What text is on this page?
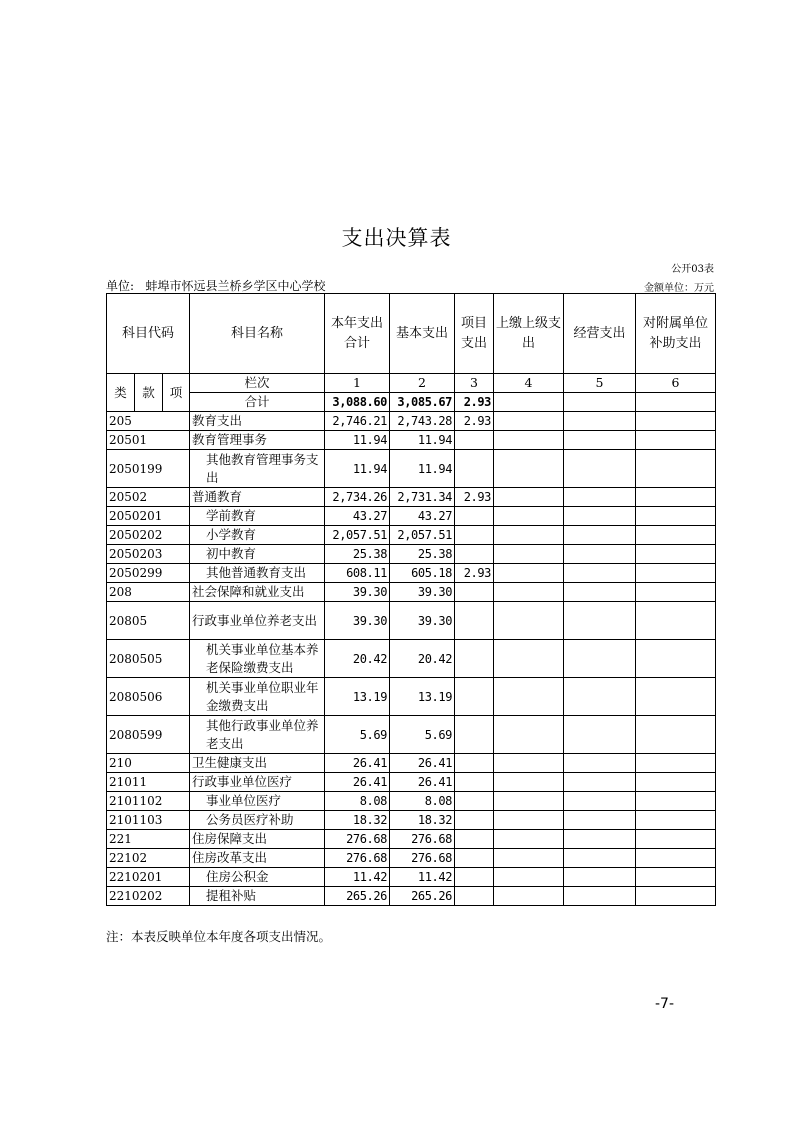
支出决算表
公开03表
单位: 蚌埠市怀远县兰桥乡学区中心学校	金额单位：万元
科目代码			科目名称	本年支出合计	基本支出	项目支出	上缴上级支出	经营支出	对附属单位补助支出
类	款	项	栏次	1	2	3	4	5	6
			合计	3,088.60	3,085.67	2.93			
205			教育支出	2,746.21	2,743.28	2.93			
20501			教育管理事务	11.94	11.94				
2050199			其他教育管理事务支出	11.94	11.94				
20502			普通教育	2,734.26	2,731.34	2.93			
2050201			学前教育	43.27	43.27				
2050202			小学教育	2,057.51	2,057.51				
2050203			初中教育	25.38	25.38				
2050299			其他普通教育支出	608.11	605.18	2.93			
208			社会保障和就业支出	39.30	39.30				
20805			行政事业单位养老支出	39.30	39.30				
2080505			机关事业单位基本养老保险缴费支出	20.42	20.42				
2080506			机关事业单位职业年金缴费支出	13.19	13.19				
2080599			其他行政事业单位养老支出	5.69	5.69				
210			卫生健康支出	26.41	26.41				
21011			行政事业单位医疗	26.41	26.41				
2101102			事业单位医疗	8.08	8.08				
2101103			公务员医疗补助	18.32	18.32				
221			住房保障支出	276.68	276.68				
22102			住房改革支出	276.68	276.68				
2210201			住房公积金	11.42	11.42				
2210202			提租补贴	265.26	265.26				
注：本表反映单位本年度各项支出情况。
-7-
